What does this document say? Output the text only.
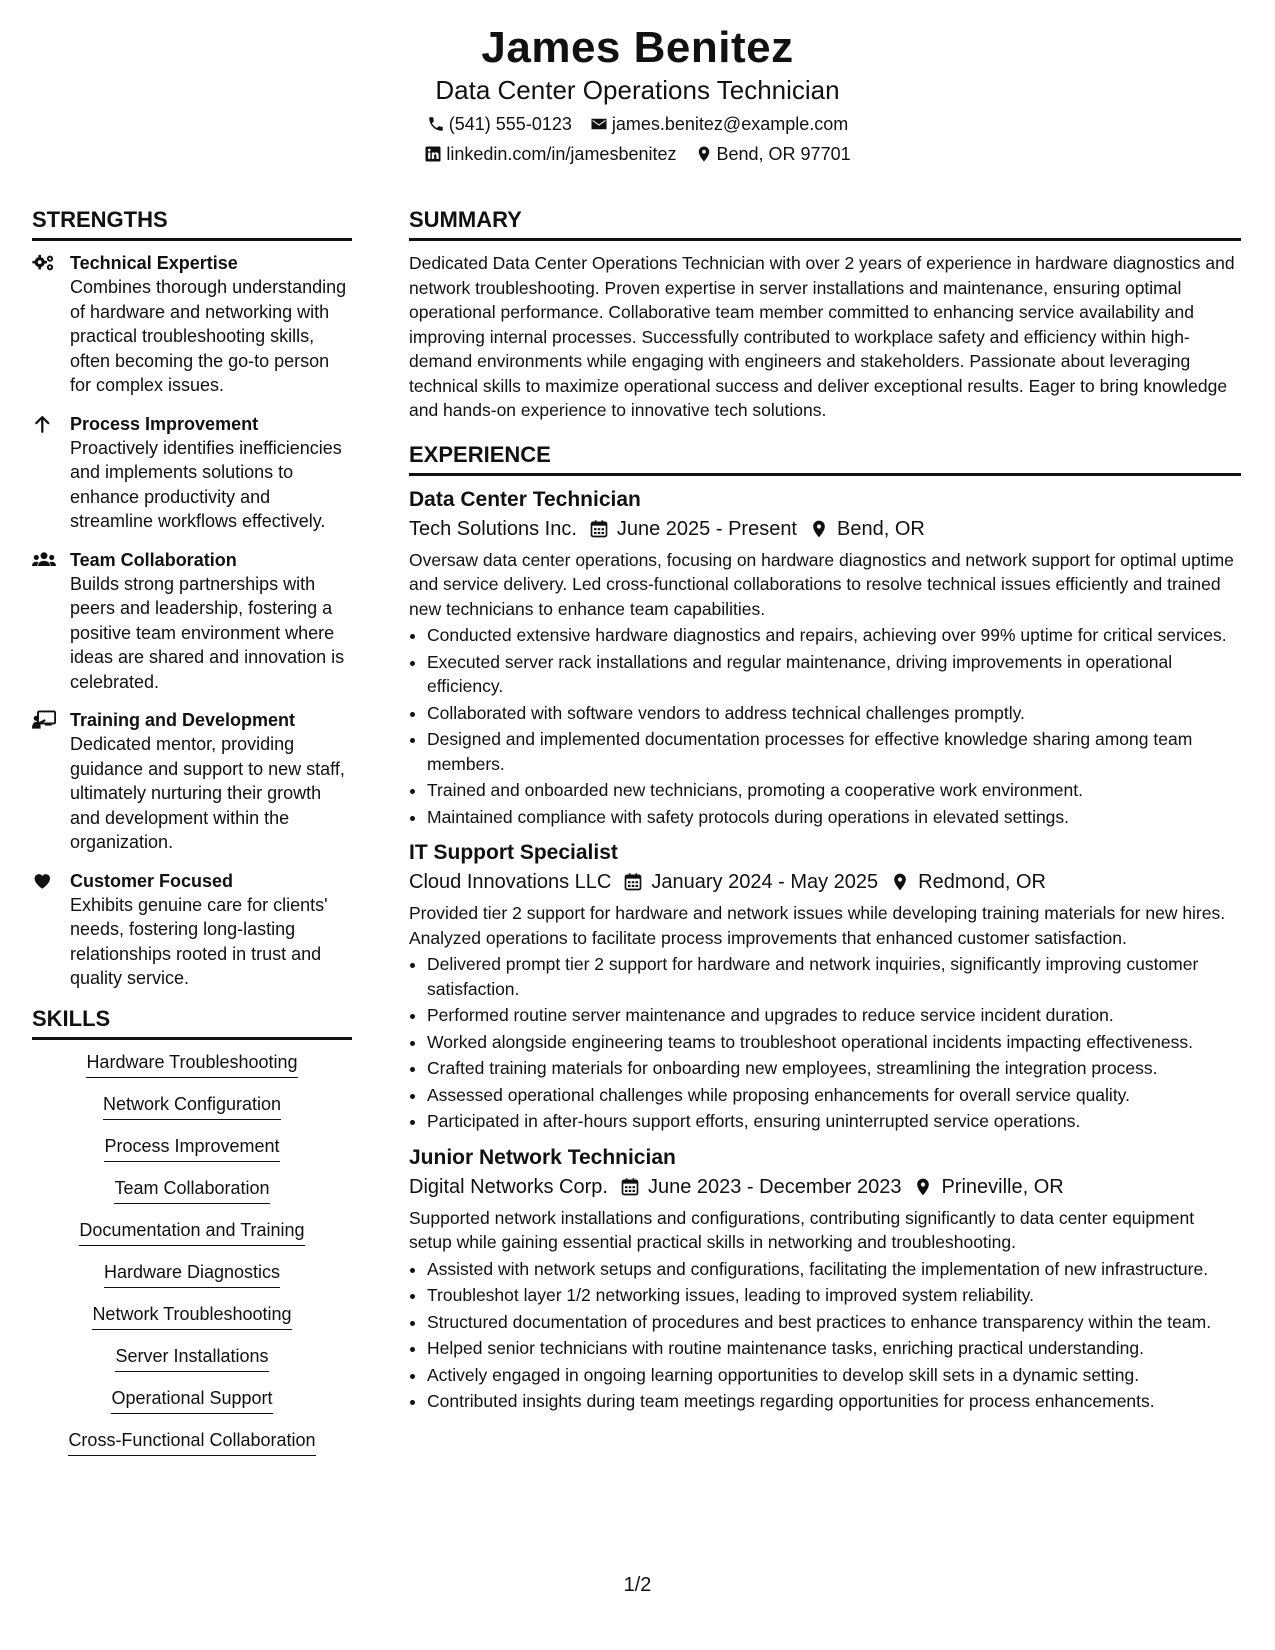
James Benitez
Data Center Operations Technician
(541) 555-0123 james.benitez@example.com
linkedin.com/in/jamesbenitez Bend, OR 97701
STRENGTHS
Technical Expertise
Combines thorough understanding of hardware and networking with practical troubleshooting skills, often becoming the go-to person for complex issues.
Process Improvement
Proactively identifies inefficiencies and implements solutions to enhance productivity and streamline workflows effectively.
Team Collaboration
Builds strong partnerships with peers and leadership, fostering a positive team environment where ideas are shared and innovation is celebrated.
Training and Development
Dedicated mentor, providing guidance and support to new staff, ultimately nurturing their growth and development within the organization.
Customer Focused
Exhibits genuine care for clients' needs, fostering long-lasting relationships rooted in trust and quality service.
SKILLS
Hardware Troubleshooting
Network Configuration
Process Improvement
Team Collaboration
Documentation and Training
Hardware Diagnostics
Network Troubleshooting
Server Installations
Operational Support
Cross-Functional Collaboration
SUMMARY
Dedicated Data Center Operations Technician with over 2 years of experience in hardware diagnostics and network troubleshooting. Proven expertise in server installations and maintenance, ensuring optimal operational performance. Collaborative team member committed to enhancing service availability and improving internal processes. Successfully contributed to workplace safety and efficiency within high-demand environments while engaging with engineers and stakeholders. Passionate about leveraging technical skills to maximize operational success and deliver exceptional results. Eager to bring knowledge and hands-on experience to innovative tech solutions.
EXPERIENCE
Data Center Technician
Tech Solutions Inc. June 2025 - Present Bend, OR
Oversaw data center operations, focusing on hardware diagnostics and network support for optimal uptime and service delivery. Led cross-functional collaborations to resolve technical issues efficiently and trained new technicians to enhance team capabilities.
• Conducted extensive hardware diagnostics and repairs, achieving over 99% uptime for critical services.
• Executed server rack installations and regular maintenance, driving improvements in operational efficiency.
• Collaborated with software vendors to address technical challenges promptly.
• Designed and implemented documentation processes for effective knowledge sharing among team members.
• Trained and onboarded new technicians, promoting a cooperative work environment.
• Maintained compliance with safety protocols during operations in elevated settings.
IT Support Specialist
Cloud Innovations LLC January 2024 - May 2025 Redmond, OR
Provided tier 2 support for hardware and network issues while developing training materials for new hires. Analyzed operations to facilitate process improvements that enhanced customer satisfaction.
• Delivered prompt tier 2 support for hardware and network inquiries, significantly improving customer satisfaction.
• Performed routine server maintenance and upgrades to reduce service incident duration.
• Worked alongside engineering teams to troubleshoot operational incidents impacting effectiveness.
• Crafted training materials for onboarding new employees, streamlining the integration process.
• Assessed operational challenges while proposing enhancements for overall service quality.
• Participated in after-hours support efforts, ensuring uninterrupted service operations.
Junior Network Technician
Digital Networks Corp. June 2023 - December 2023 Prineville, OR
Supported network installations and configurations, contributing significantly to data center equipment setup while gaining essential practical skills in networking and troubleshooting.
• Assisted with network setups and configurations, facilitating the implementation of new infrastructure.
• Troubleshot layer 1/2 networking issues, leading to improved system reliability.
• Structured documentation of procedures and best practices to enhance transparency within the team.
• Helped senior technicians with routine maintenance tasks, enriching practical understanding.
• Actively engaged in ongoing learning opportunities to develop skill sets in a dynamic setting.
• Contributed insights during team meetings regarding opportunities for process enhancements.
1/2
